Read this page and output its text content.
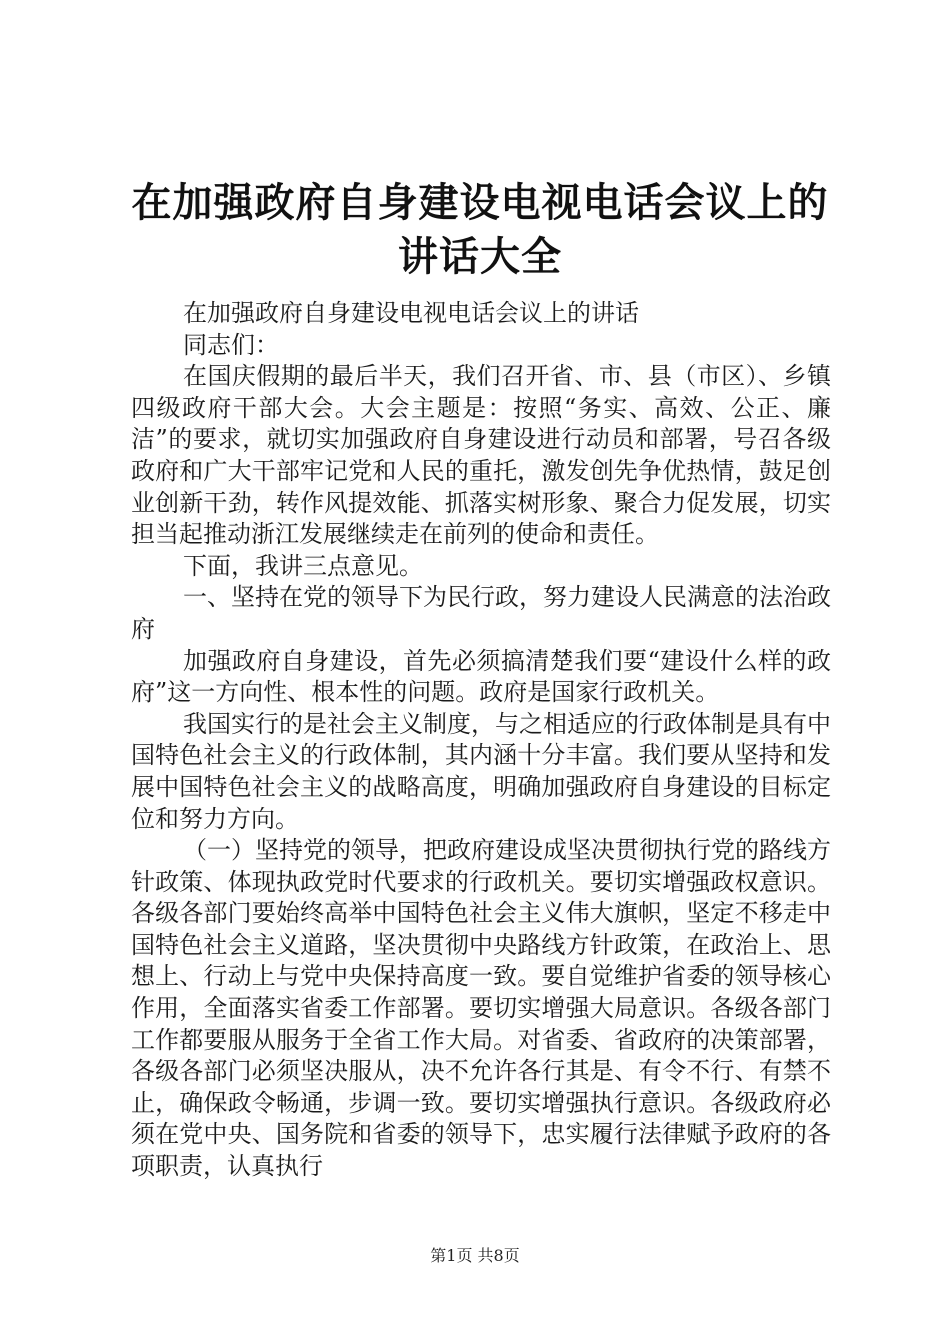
在加强政府自身建设电视电话会议上的讲话大全

在加强政府自身建设电视电话会议上的讲话

同志们：

在国庆假期的最后半天，我们召开省、市、县（市区）、乡镇四级政府干部大会。大会主题是：按照“务实、高效、公正、廉洁”的要求，就切实加强政府自身建设进行动员和部署，号召各级政府和广大干部牢记党和人民的重托，激发创先争优热情，鼓足创业创新干劲，转作风提效能、抓落实树形象、聚合力促发展，切实担当起推动浙江发展继续走在前列的使命和责任。

下面，我讲三点意见。

一、坚持在党的领导下为民行政，努力建设人民满意的法治政府

加强政府自身建设，首先必须搞清楚我们要“建设什么样的政府”这一方向性、根本性的问题。政府是国家行政机关。

我国实行的是社会主义制度，与之相适应的行政体制是具有中国特色社会主义的行政体制，其内涵十分丰富。我们要从坚持和发展中国特色社会主义的战略高度，明确加强政府自身建设的目标定位和努力方向。

（一）坚持党的领导，把政府建设成坚决贯彻执行党的路线方针政策、体现执政党时代要求的行政机关。要切实增强政权意识。各级各部门要始终高举中国特色社会主义伟大旗帜，坚定不移走中国特色社会主义道路，坚决贯彻中央路线方针政策，在政治上、思想上、行动上与党中央保持高度一致。要自觉维护省委的领导核心作用，全面落实省委工作部署。要切实增强大局意识。各级各部门工作都要服从服务于全省工作大局。对省委、省政府的决策部署，各级各部门必须坚决服从，决不允许各行其是、有令不行、有禁不止，确保政令畅通，步调一致。要切实增强执行意识。各级政府必须在党中央、国务院和省委的领导下，忠实履行法律赋予政府的各项职责，认真执行

第1页 共8页
